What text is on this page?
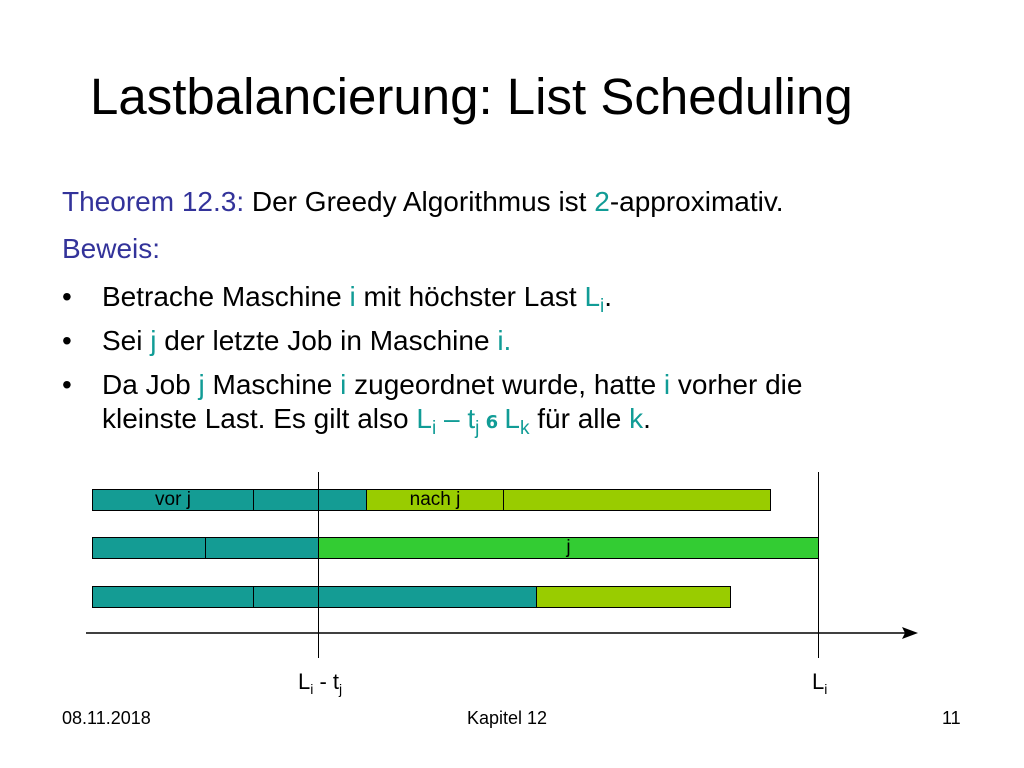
Lastbalancierung: List Scheduling
Theorem 12.3: Der Greedy Algorithmus ist 2-approximativ.
Beweis:
• Betrache Maschine i mit höchster Last $L_i$.
• Sei j der letzte Job in Maschine i.
• Da Job j Maschine i zugeordnet wurde, hatte i vorher die
kleinste Last. Es gilt also $L_i - t_j$ 6 $L_k$ für alle k.
vor j	nach j
j
$L_i - t_j$	$L_i$
08.11.2018	Kapitel 12	11
